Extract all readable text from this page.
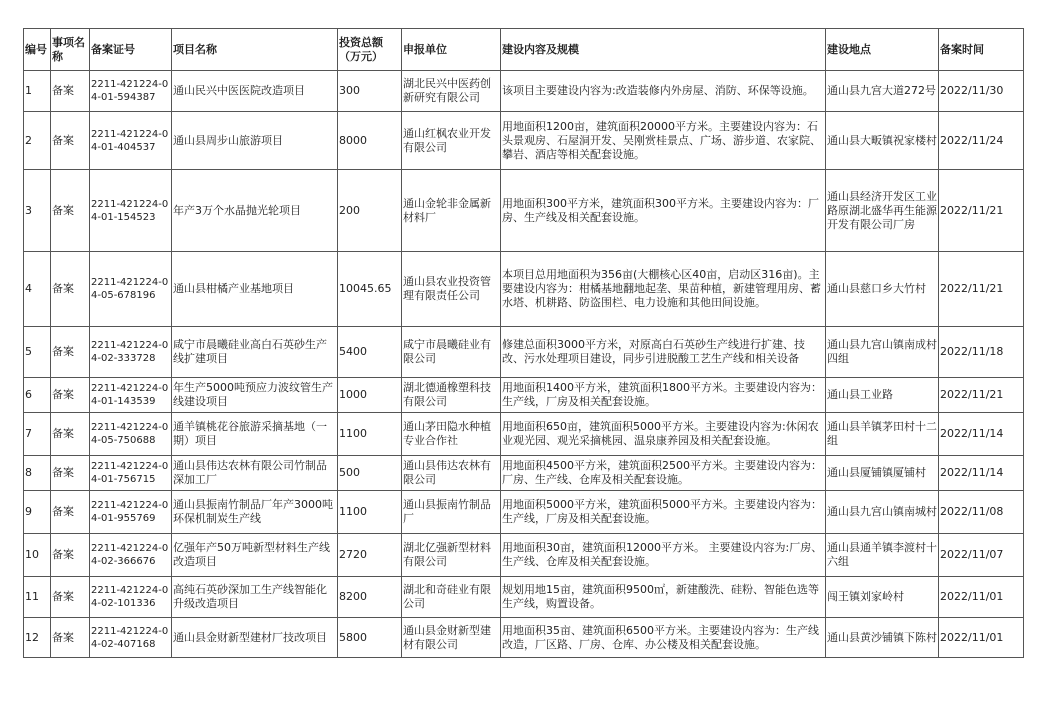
编号	事项名称	备案证号	项目名称	投资总额（万元）	申报单位	建设内容及规模	建设地点	备案时间
1	备案	2211-421224-04-01-594387	通山民兴中医医院改造项目	300	湖北民兴中医药创新研究有限公司	该项目主要建设内容为:改造装修内外房屋、消防、环保等设施。	通山县九宫大道272号	2022/11/30
2	备案	2211-421224-04-01-404537	通山县周步山旅游项目	8000	通山红枫农业开发有限公司	用地面积1200亩，建筑面积20000平方米。主要建设内容为：石头景观房、石屋洞开发、吴刚赏桂景点、广场、游步道、农家院、攀岩、酒店等相关配套设施。	通山县大畈镇祝家楼村	2022/11/24
3	备案	2211-421224-04-01-154523	年产3万个水晶抛光轮项目	200	通山金轮非金属新材料厂	用地面积300平方米，建筑面积300平方米。主要建设内容为：厂房、生产线及相关配套设施。	通山县经济开发区工业路原湖北盛华再生能源开发有限公司厂房	2022/11/21
4	备案	2211-421224-04-05-678196	通山县柑橘产业基地项目	10045.65	通山县农业投资管理有限责任公司	本项目总用地面积为356亩(大棚核心区40亩，启动区316亩)。主要建设内容为：柑橘基地翻地起垄、果苗种植，新建管理用房、蓄水塔、机耕路、防盗围栏、电力设施和其他田间设施。	通山县慈口乡大竹村	2022/11/21
5	备案	2211-421224-04-02-333728	咸宁市晨曦硅业高白石英砂生产线扩建项目	5400	咸宁市晨曦硅业有限公司	修建总面积3000平方米，对原高白石英砂生产线进行扩建、技改、污水处理项目建设，同步引进脱酸工艺生产线和相关设备	通山县九宫山镇南成村四组	2022/11/18
6	备案	2211-421224-04-01-143539	年生产5000吨预应力波纹管生产线建设项目	1000	湖北德通橡塑科技有限公司	用地面积1400平方米，建筑面积1800平方米。主要建设内容为：生产线，厂房及相关配套设施。	通山县工业路	2022/11/21
7	备案	2211-421224-04-05-750688	通羊镇桃花谷旅游采摘基地（一期）项目	1100	通山茅田隐水种植专业合作社	用地面积650亩，建筑面积5000平方米。主要建设内容为:休闲农业观光园、观光采摘桃园、温泉康养园及相关配套设施。	通山县羊镇茅田村十二组	2022/11/14
8	备案	2211-421224-04-01-756715	通山县伟达农林有限公司竹制品深加工厂	500	通山县伟达农林有限公司	用地面积4500平方米，建筑面积2500平方米。主要建设内容为：厂房、生产线、仓库及相关配套设施。	通山县厦铺镇厦铺村	2022/11/14
9	备案	2211-421224-04-01-955769	通山县振南竹制品厂年产3000吨环保机制炭生产线	1100	通山县振南竹制品厂	用地面积5000平方米，建筑面积5000平方米。主要建设内容为：生产线，厂房及相关配套设施。	通山县九宫山镇南城村	2022/11/08
10	备案	2211-421224-04-02-366676	亿强年产50万吨新型材料生产线改造项目	2720	湖北亿强新型材料有限公司	用地面积30亩，建筑面积12000平方米。 主要建设内容为:厂房、生产线、仓库及相关配套设施。	通山县通羊镇李渡村十六组	2022/11/07
11	备案	2211-421224-04-02-101336	高纯石英砂深加工生产线智能化升级改造项目	8200	湖北和奇硅业有限公司	规划用地15亩，建筑面积9500㎡，新建酸洗、硅粉、智能色选等生产线，购置设备。	闯王镇刘家岭村	2022/11/01
12	备案	2211-421224-04-02-407168	通山县金财新型建材厂技改项目	5800	通山县金财新型建材有限公司	用地面积35亩、建筑面积6500平方米。主要建设内容为：生产线改造，厂区路、厂房、仓库、办公楼及相关配套设施。	通山县黄沙铺镇下陈村	2022/11/01
